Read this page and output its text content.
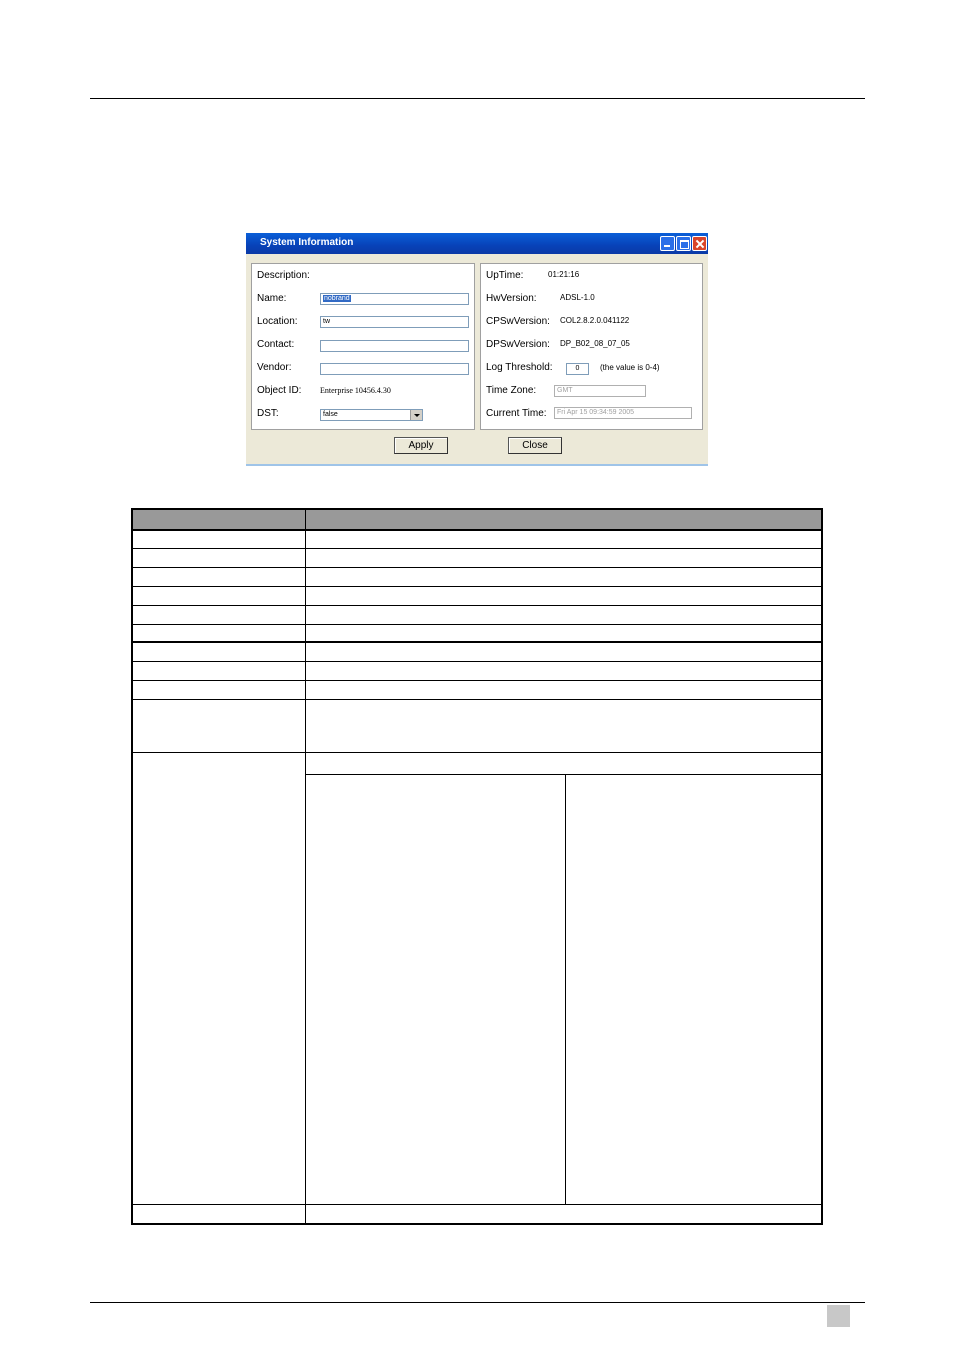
System Information
Description:
Name:	nobrand
Location:	tw
Contact:
Vendor:
Object ID: Enterprise 10456.4.30
DST:	false
UpTime:	01:21:16
HwVersion:	ADSL-1.0
CPSwVersion: COL2.8.2.0.041122
DPSwVersion: DP_B02_08_07_05
Log Threshold:	0	(the value is 0-4)
Time Zone:	GMT
Current Time:	Fri Apr 15 09:34:59 2005
Apply	Close
